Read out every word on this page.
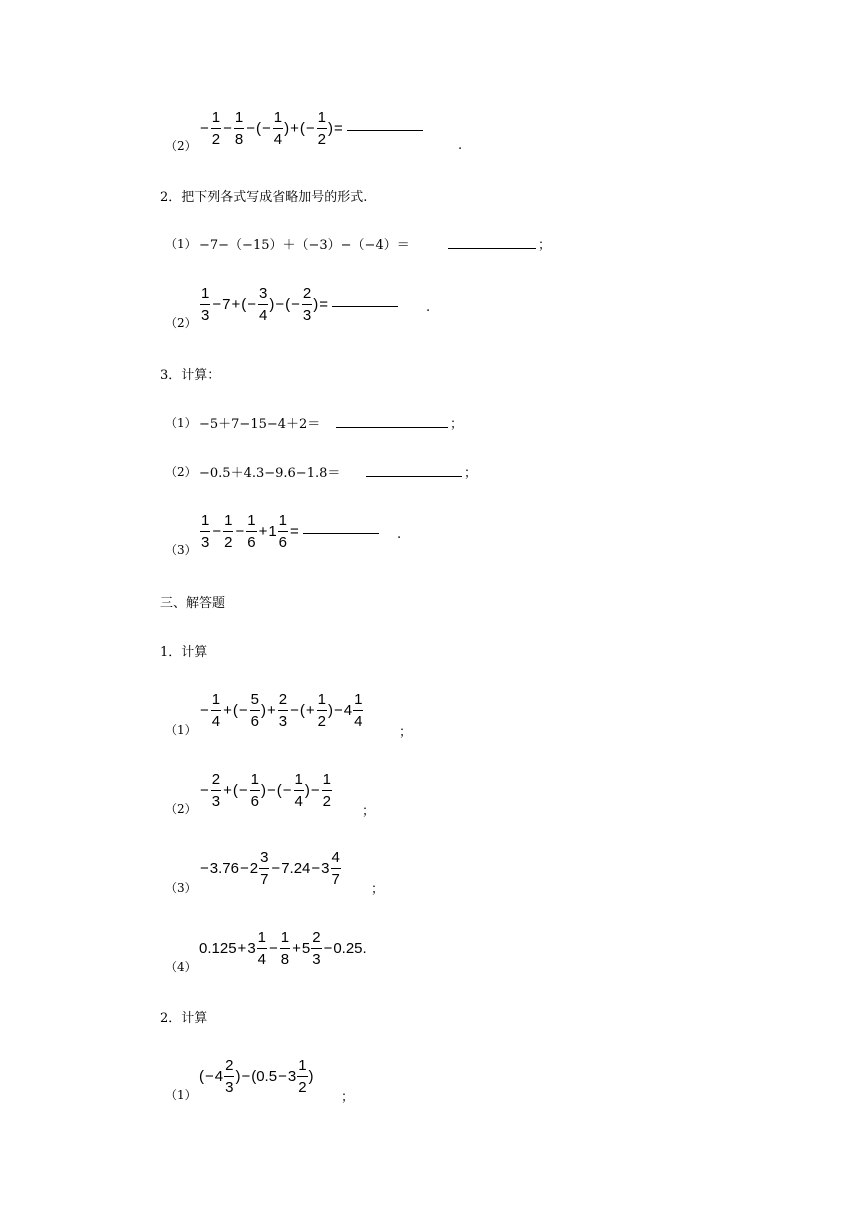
（2）
− $\frac{1}{2} - \frac{1}{8}$ − ( − $\frac{1}{4}$ ) + ( − $\frac{1}{2}$ ) =
.
2．把下列各式写成省略加号的形式.
（1） −7−（−15）＋（−3）−（−4）＝	；
$(2) \frac{1}{3} - 7$ + ( − $\frac{3}{4}$ ) − ( − $\frac{2}{3}$ ) =	.
3．计算：
（1） −5＋7−15−4＋2＝	；
（2） −0.5＋4.3−9.6−1.8＝	；
$(3) \frac{1}{3} - \frac{1}{2} - \frac{1}{6} + 1 \frac{1}{6}$ =	.
三、解答题
1．计算
（1）
− $\frac{1}{4}$ + ( − $\frac{5}{6}$ ) + $\frac{2}{3}$ − ( + $\frac{1}{2}$ ) − $4 \frac{1}{4}$
；
（2）
− $\frac{2}{3}$ + ( − $\frac{1}{6}$ ) − ( − $\frac{1}{4}$ ) − $\frac{1}{2}$
；
（3）
− $3.76 - 2 \frac{3}{7} - 7.24 - 3 \frac{4}{7}$
；
（4）
$0.125 + 3 \frac{1}{4} - \frac{1}{8} + 5 \frac{2}{3} - 0.25$.
2．计算
（1）
( − $4 \frac{2}{3}$ ) − ($0.5 - 3 \frac{1}{2}$ )
；
